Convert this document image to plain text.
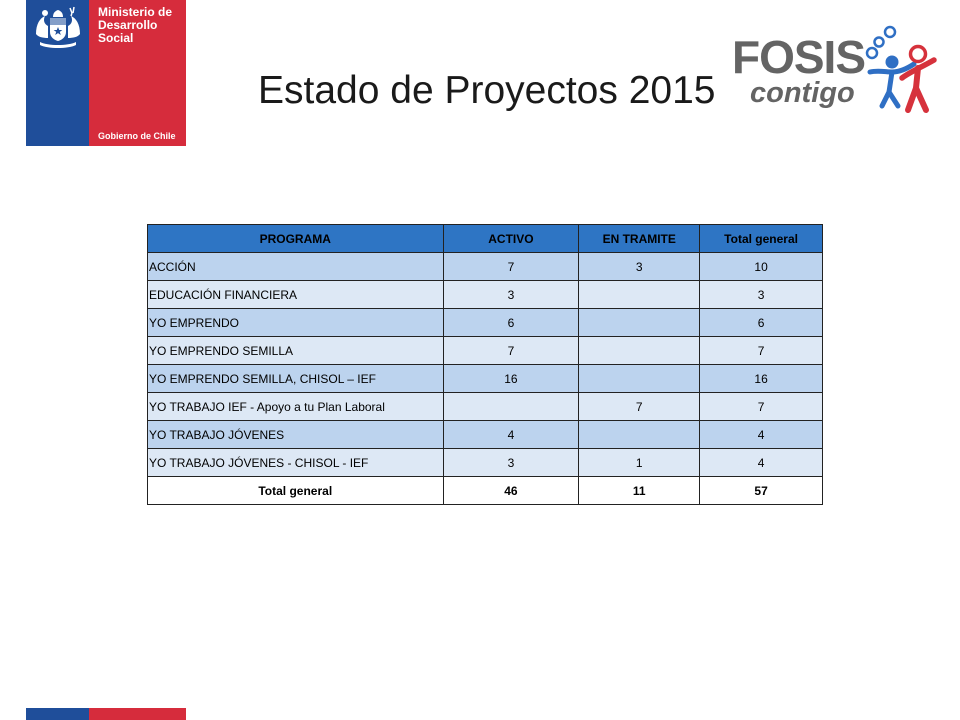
Ministerio de
Desarrollo
Social

Gobierno de Chile

Estado de Proyectos 2015

FOSIS

contigo

PROGRAMA	ACTIVO	EN TRAMITE	Total general
ACCIÓN	7	3	10
EDUCACIÓN FINANCIERA	3		3
YO EMPRENDO	6		6
YO EMPRENDO SEMILLA	7		7
YO EMPRENDO SEMILLA, CHISOL – IEF	16		16
YO TRABAJO IEF - Apoyo a tu Plan Laboral		7	7
YO TRABAJO JÓVENES	4		4
YO TRABAJO JÓVENES - CHISOL - IEF	3	1	4
Total general	46	11	57
